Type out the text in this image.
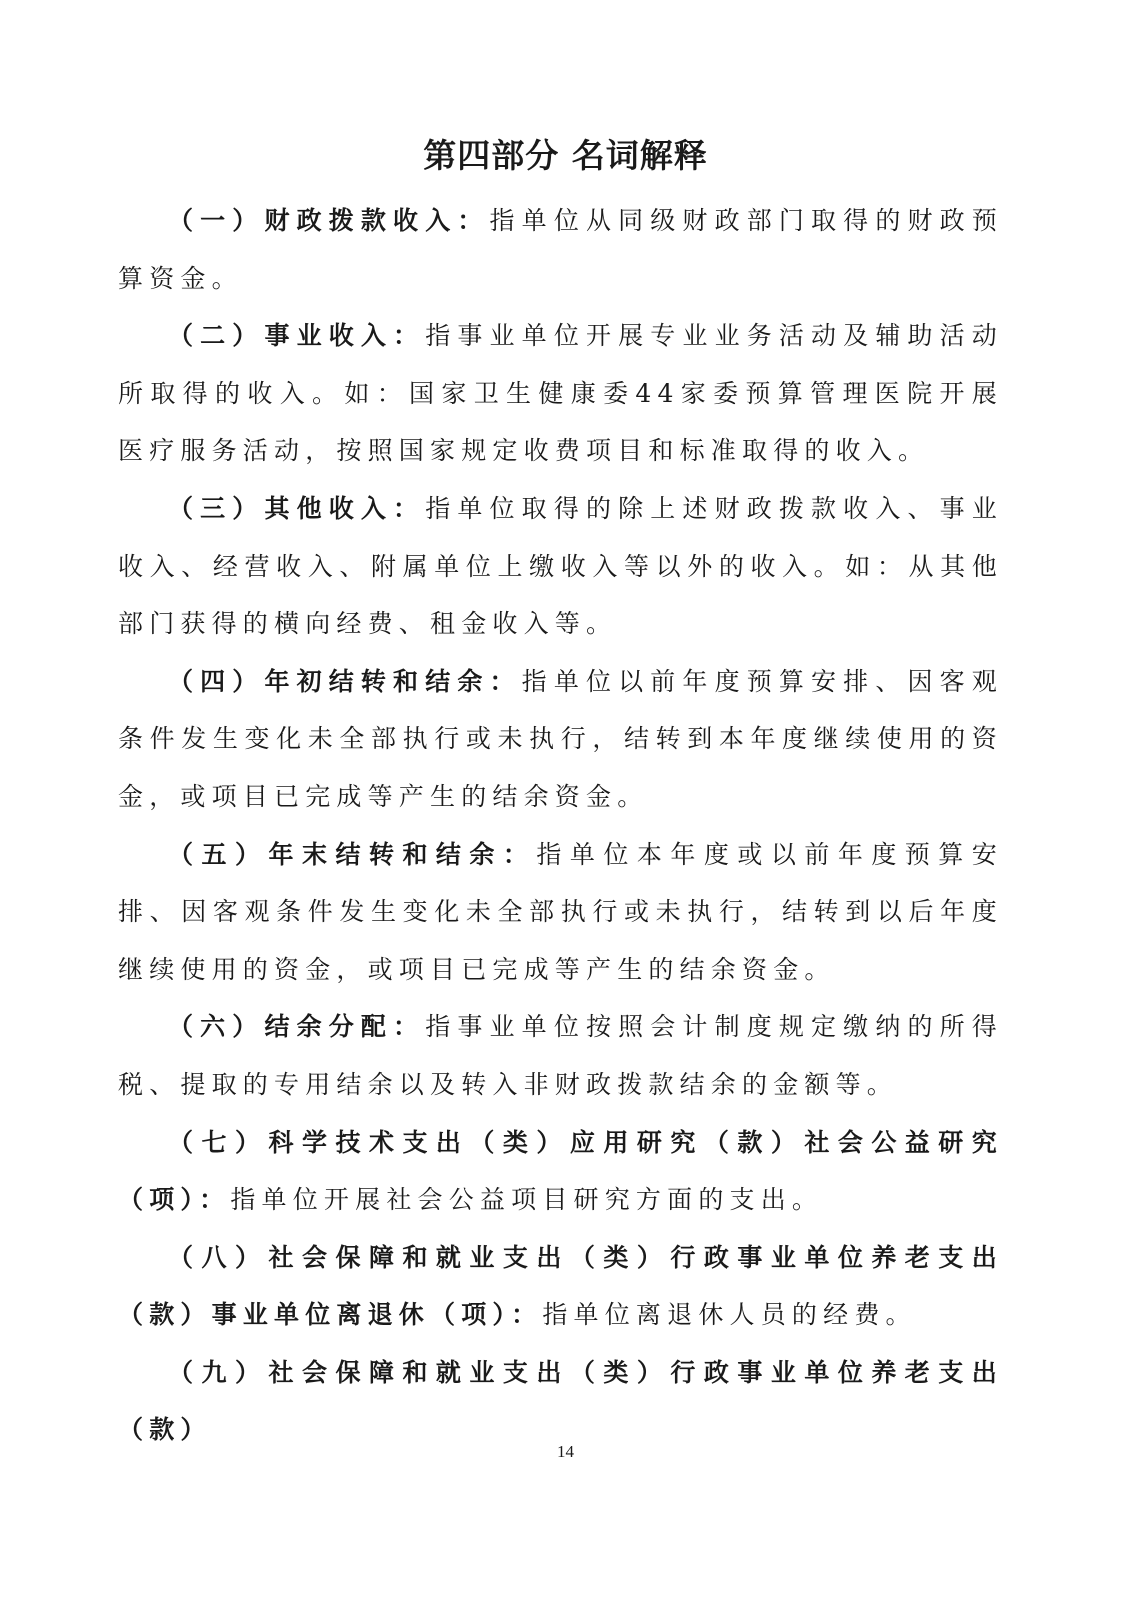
第四部分 名词解释

（一）财政拨款收入：指单位从同级财政部门取得的财政预算资金。

（二）事业收入：指事业单位开展专业业务活动及辅助活动所取得的收入。如：国家卫生健康委44家委预算管理医院开展医疗服务活动，按照国家规定收费项目和标准取得的收入。

（三）其他收入：指单位取得的除上述财政拨款收入、事业收入、经营收入、附属单位上缴收入等以外的收入。如：从其他部门获得的横向经费、租金收入等。

（四）年初结转和结余：指单位以前年度预算安排、因客观条件发生变化未全部执行或未执行，结转到本年度继续使用的资金，或项目已完成等产生的结余资金。

（五）年末结转和结余：指单位本年度或以前年度预算安排、因客观条件发生变化未全部执行或未执行，结转到以后年度继续使用的资金，或项目已完成等产生的结余资金。

（六）结余分配：指事业单位按照会计制度规定缴纳的所得税、提取的专用结余以及转入非财政拨款结余的金额等。

（七）科学技术支出（类）应用研究（款）社会公益研究（项）：指单位开展社会公益项目研究方面的支出。

（八）社会保障和就业支出（类）行政事业单位养老支出（款）事业单位离退休（项）：指单位离退休人员的经费。

（九）社会保障和就业支出（类）行政事业单位养老支出（款）

14
